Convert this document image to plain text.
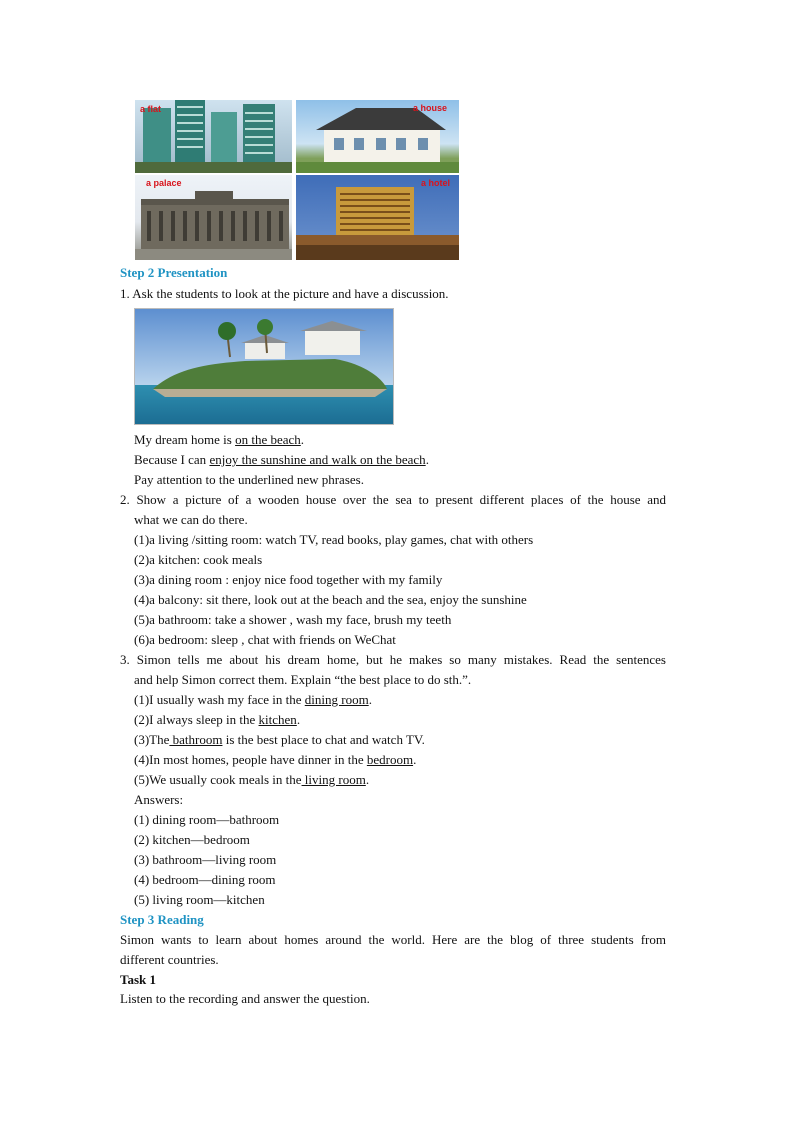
a flat	a house
a palace	a hotel
Step 2 Presentation
1. Ask the students to look at the picture and have a discussion.
My dream home is on the beach.
Because I can enjoy the sunshine and walk on the beach.
Pay attention to the underlined new phrases.
2. Show a picture of a wooden house over the sea to present different places of the house and
what we can do there.
(1)a living /sitting room: watch TV, read books, play games, chat with others
(2)a kitchen: cook meals
(3)a dining room : enjoy nice food together with my family
(4)a balcony: sit there, look out at the beach and the sea, enjoy the sunshine
(5)a bathroom: take a shower , wash my face, brush my teeth
(6)a bedroom: sleep , chat with friends on WeChat
3. Simon tells me about his dream home, but he makes so many mistakes. Read the sentences
and help Simon correct them. Explain “the best place to do sth.”.
(1)I usually wash my face in the dining room.
(2)I always sleep in the kitchen.
(3)The bathroom is the best place to chat and watch TV.
(4)In most homes, people have dinner in the bedroom.
(5)We usually cook meals in the living room.
Answers:
(1) dining room—bathroom
(2) kitchen—bedroom
(3) bathroom—living room
(4) bedroom—dining room
(5) living room—kitchen
Step 3 Reading
Simon wants to learn about homes around the world. Here are the blog of three students from
different countries.
Task 1
Listen to the recording and answer the question.
